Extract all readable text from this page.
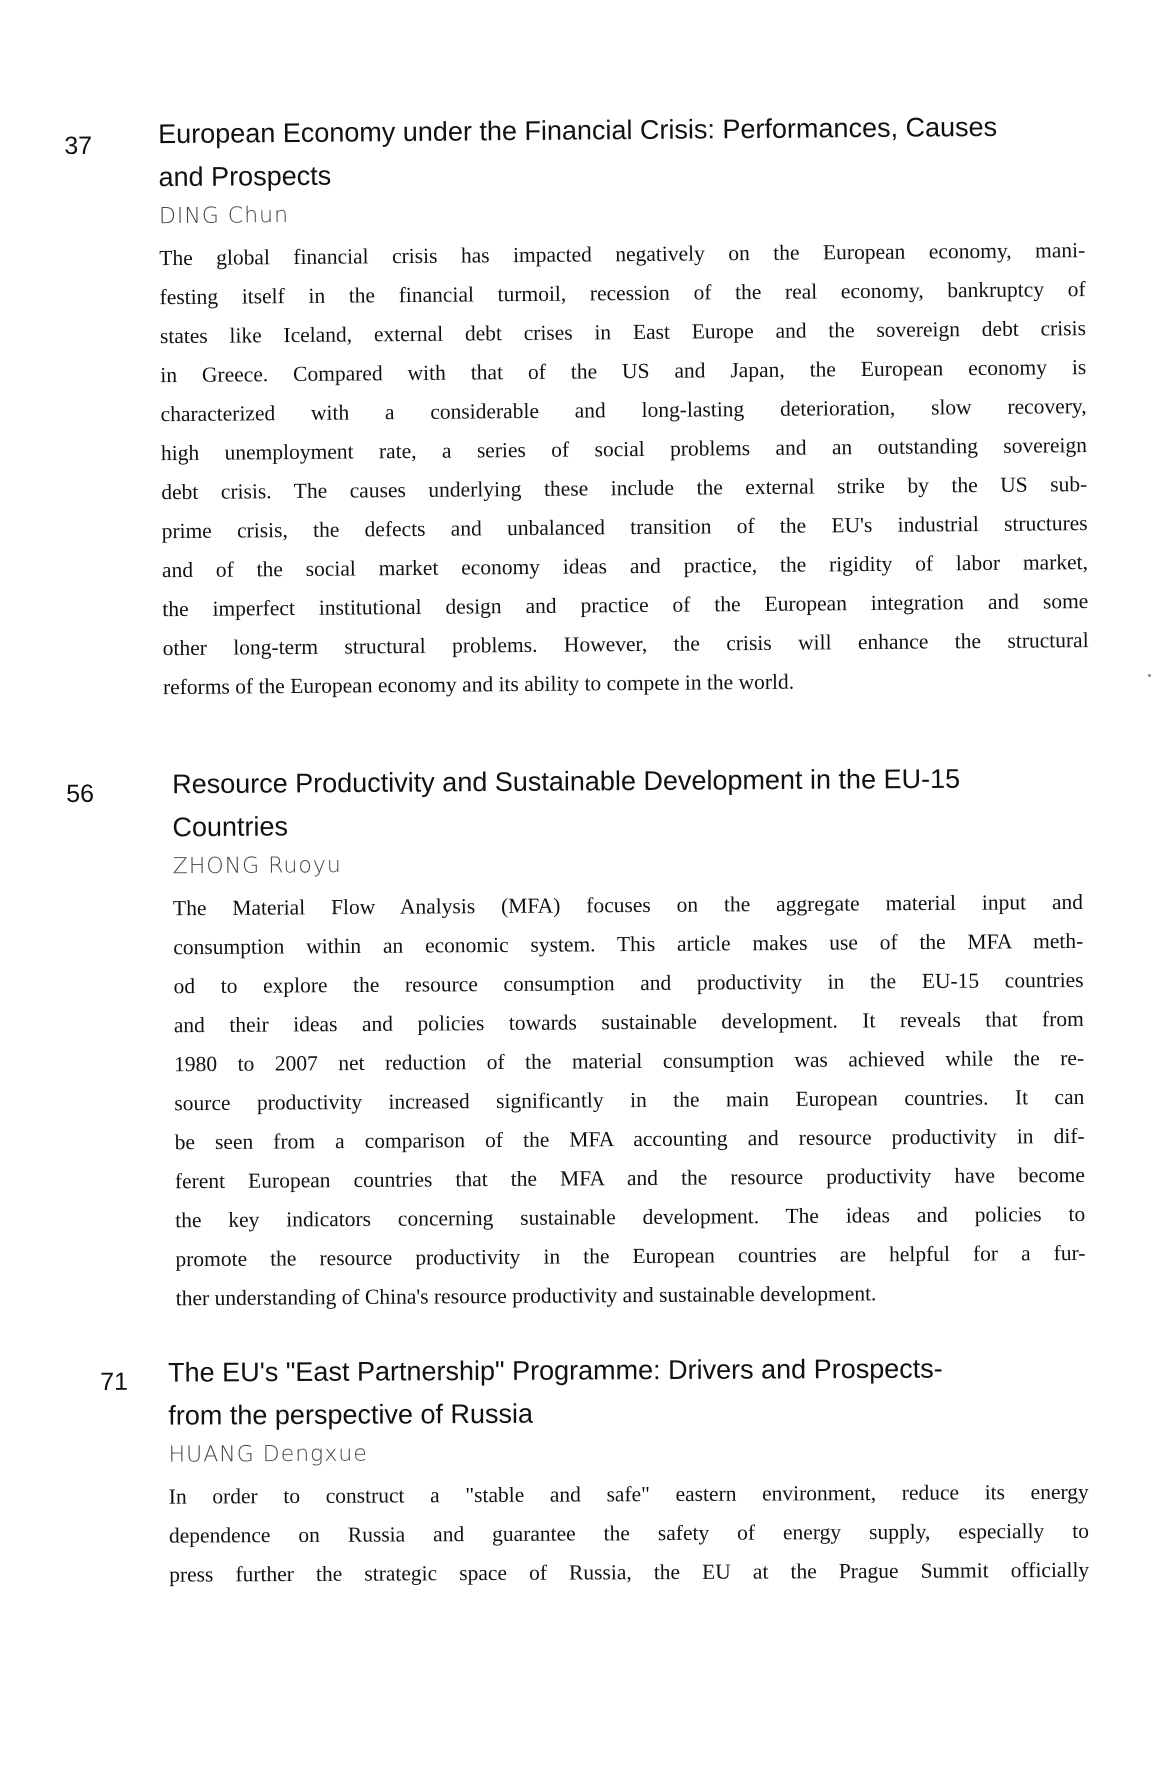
37 European Economy under the Financial Crisis: Performances, Causes
and Prospects
DING Chun
The global financial crisis has impacted negatively on the European economy, mani-
festing itself in the financial turmoil, recession of the real economy, bankruptcy of
states like Iceland, external debt crises in East Europe and the sovereign debt crisis
in Greece. Compared with that of the US and Japan, the European economy is
characterized with a considerable and long-lasting deterioration, slow recovery,
high unemployment rate, a series of social problems and an outstanding sovereign
debt crisis. The causes underlying these include the external strike by the US sub-
prime crisis, the defects and unbalanced transition of the EU's industrial structures
and of the social market economy ideas and practice, the rigidity of labor market,
the imperfect institutional design and practice of the European integration and some
other long-term structural problems. However, the crisis will enhance the structural
reforms of the European economy and its ability to compete in the world.
56	Resource Productivity and Sustainable Development in the EU-15
Countries
ZHONG Ruoyu
The Material Flow Analysis (MFA) focuses on the aggregate material input and
consumption within an economic system. This article makes use of the MFA meth-
od to explore the resource consumption and productivity in the EU-15 countries
and their ideas and policies towards sustainable development. It reveals that from
1980 to 2007 net reduction of the material consumption was achieved while the re-
source productivity increased significantly in the main European countries. It can
be seen from a comparison of the MFA accounting and resource productivity in dif-
ferent European countries that the MFA and the resource productivity have become
the key indicators concerning sustainable development. The ideas and policies to
promote the resource productivity in the European countries are helpful for a fur-
ther understanding of China's resource productivity and sustainable development.
71 The EU's "East Partnership" Programme: Drivers and Prospects-
from the perspective of Russia
HUANG Dengxue
In order to construct a "stable and safe" eastern environment, reduce its energy
dependence on Russia and guarantee the safety of energy supply, especially to
press further the strategic space of Russia, the EU at the Prague Summit officially
